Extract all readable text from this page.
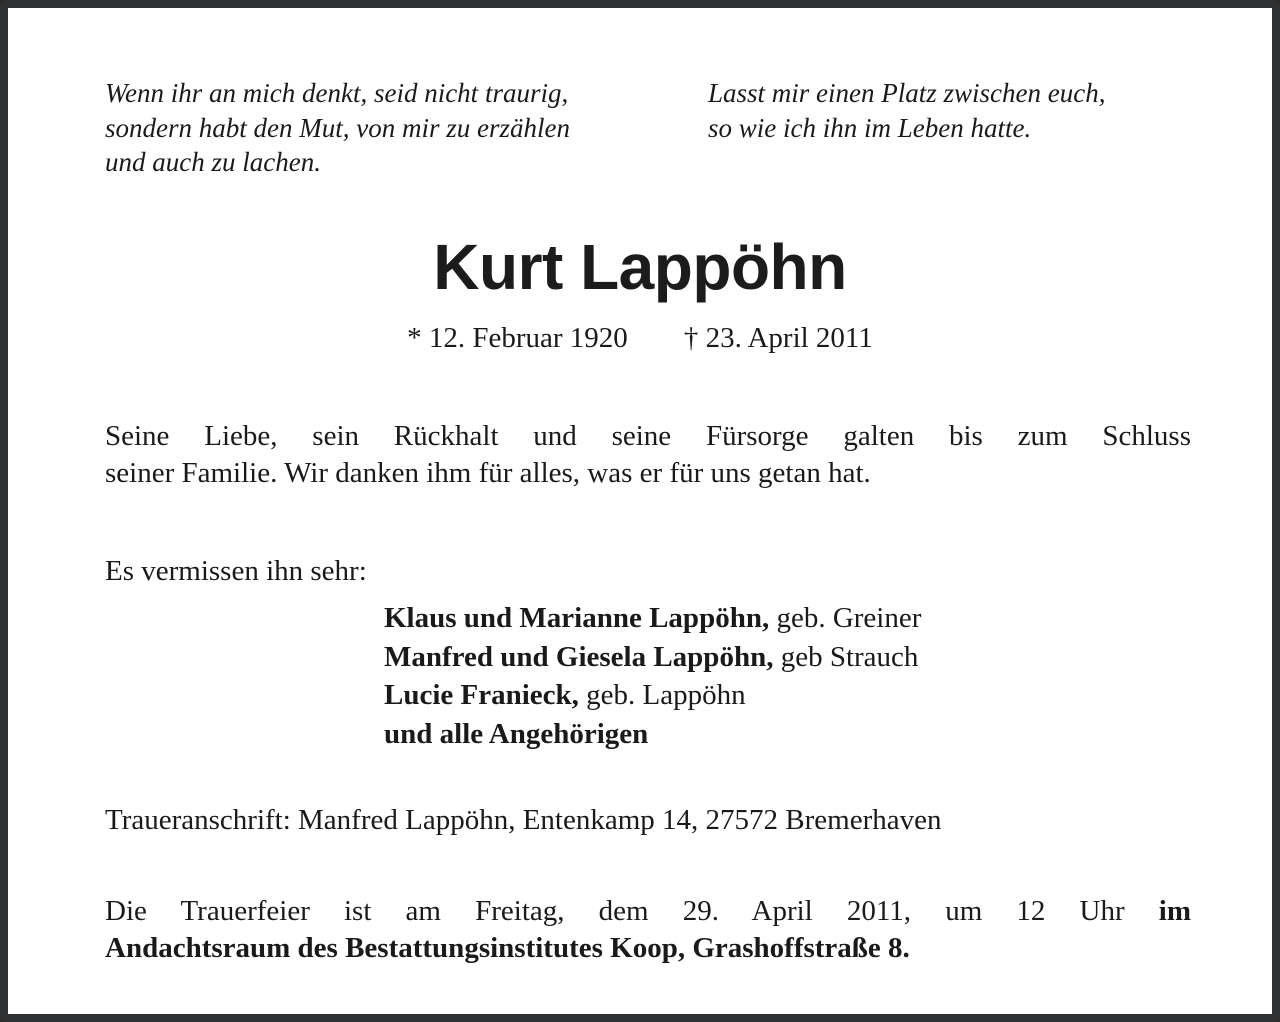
Wenn ihr an mich denkt, seid nicht traurig,
sondern habt den Mut, von mir zu erzählen
und auch zu lachen.
Lasst mir einen Platz zwischen euch,
so wie ich ihn im Leben hatte.
Kurt Lappöhn
* 12. Februar 1920 † 23. April 2011
Seine Liebe, sein Rückhalt und seine Fürsorge galten bis zum Schluss
seiner Familie. Wir danken ihm für alles, was er für uns getan hat.
Es vermissen ihn sehr:
Klaus und Marianne Lappöhn, geb. Greiner
Manfred und Giesela Lappöhn, geb Strauch
Lucie Franieck, geb. Lappöhn
und alle Angehörigen
Traueranschrift: Manfred Lappöhn, Entenkamp 14, 27572 Bremerhaven
Die Trauerfeier ist am Freitag, dem 29. April 2011, um 12 Uhr im
Andachtsraum des Bestattungsinstitutes Koop, Grashoffstraße 8.
